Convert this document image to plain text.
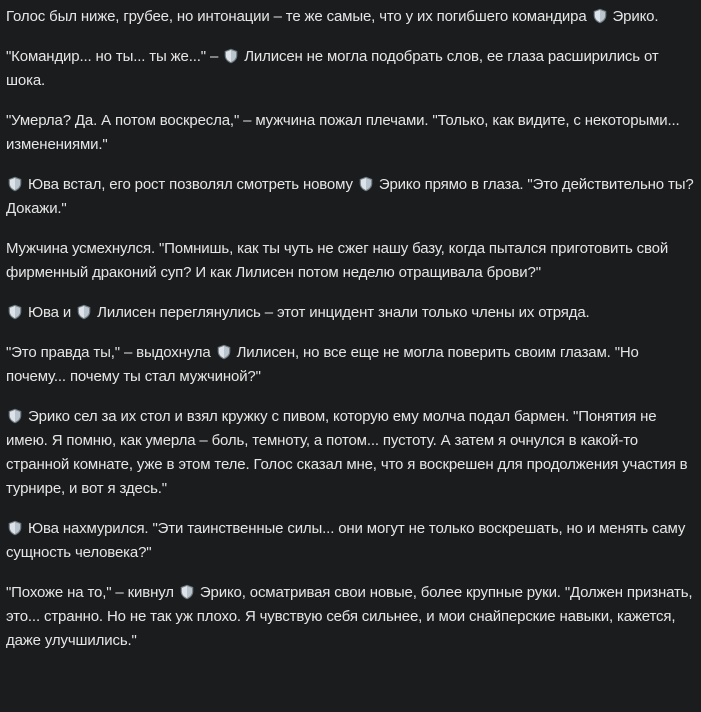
Голос был ниже, грубее, но интонации – те же самые, что у их погибшего командира
Эрико.

"Командир... но ты... ты же..." –
Лилисен не могла подобрать слов, ее глаза расширились от шока.

"Умерла? Да. А потом воскресла," – мужчина пожал плечами. "Только, как видите, с некоторыми... изменениями."

Юва встал, его рост позволял смотреть новому
Эрико прямо в глаза. "Это действительно ты? Докажи."

Мужчина усмехнулся. "Помнишь, как ты чуть не сжег нашу базу, когда пытался приготовить свой фирменный драконий суп? И как Лилисен потом неделю отращивала брови?"

Юва и
Лилисен переглянулись – этот инцидент знали только члены их отряда.

"Это правда ты," – выдохнула
Лилисен, но все еще не могла поверить своим глазам. "Но почему... почему ты стал мужчиной?"

Эрико сел за их стол и взял кружку с пивом, которую ему молча подал бармен. "Понятия не имею. Я помню, как умерла – боль, темноту, а потом... пустоту. А затем я очнулся в какой-то странной комнате, уже в этом теле. Голос сказал мне, что я воскрешен для продолжения участия в турнире, и вот я здесь."

Юва нахмурился. "Эти таинственные силы... они могут не только воскрешать, но и менять саму сущность человека?"

"Похоже на то," – кивнул
Эрико, осматривая свои новые, более крупные руки. "Должен признать, это... странно. Но не так уж плохо. Я чувствую себя сильнее, и мои снайперские навыки, кажется, даже улучшились."
